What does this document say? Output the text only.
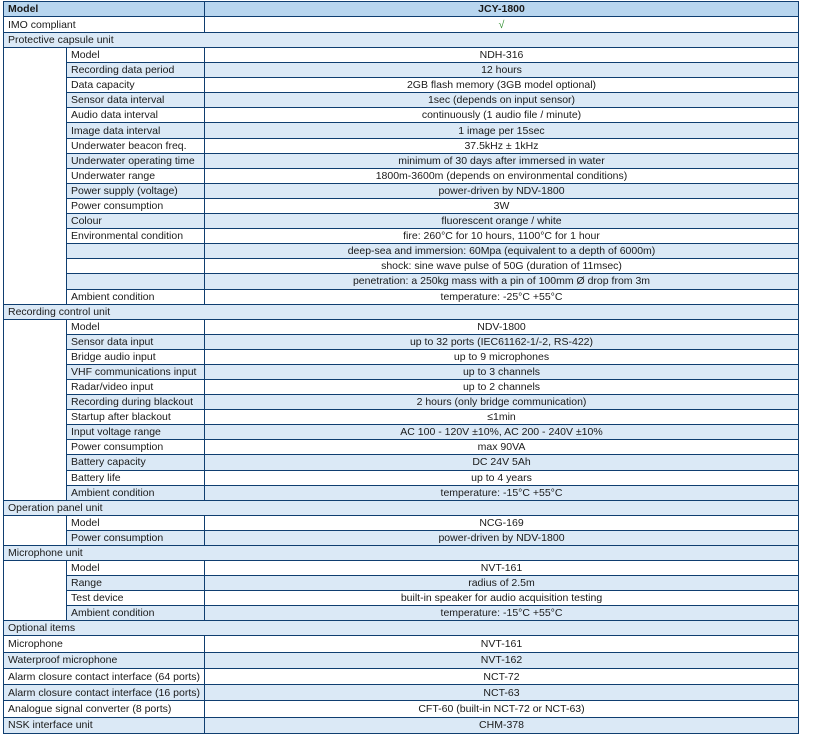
Model		JCY-1800
IMO compliant		√
Protective capsule unit		
	Model	NDH-316
	Recording data period	12 hours
	Data capacity	2GB flash memory (3GB model optional)
	Sensor data interval	1sec (depends on input sensor)
	Audio data interval	continuously (1 audio file / minute)
	Image data interval	1 image per 15sec
	Underwater beacon freq.	37.5kHz ± 1kHz
	Underwater operating time	minimum of 30 days after immersed in water
	Underwater range	1800m-3600m (depends on environmental conditions)
	Power supply (voltage)	power-driven by NDV-1800
	Power consumption	3W
	Colour	fluorescent orange / white
	Environmental condition	fire: 260°C for 10 hours, 1100°C for 1 hour
		deep-sea and immersion: 60Mpa (equivalent to a depth of 6000m)
		shock: sine wave pulse of 50G (duration of 11msec)
		penetration: a 250kg mass with a pin of 100mm Ø drop from 3m
	Ambient condition	temperature: -25°C +55°C
Recording control unit		
	Model	NDV-1800
	Sensor data input	up to 32 ports (IEC61162-1/-2, RS-422)
	Bridge audio input	up to 9 microphones
	VHF communications input	up to 3 channels
	Radar/video input	up to 2 channels
	Recording during blackout	2 hours (only bridge communication)
	Startup after blackout	≤1min
	Input voltage range	AC 100 - 120V ±10%, AC 200 - 240V ±10%
	Power consumption	max 90VA
	Battery capacity	DC 24V 5Ah
	Battery life	up to 4 years
	Ambient condition	temperature: -15°C +55°C
Operation panel unit		
	Model	NCG-169
	Power consumption	power-driven by NDV-1800
Microphone unit		
	Model	NVT-161
	Range	radius of 2.5m
	Test device	built-in speaker for audio acquisition testing
	Ambient condition	temperature: -15°C +55°C
Optional items		
Microphone		NVT-161
Waterproof microphone		NVT-162
Alarm closure contact interface (64 ports)		NCT-72
Alarm closure contact interface (16 ports)		NCT-63
Analogue signal converter (8 ports)		CFT-60 (built-in NCT-72 or NCT-63)
NSK interface unit		CHM-378
